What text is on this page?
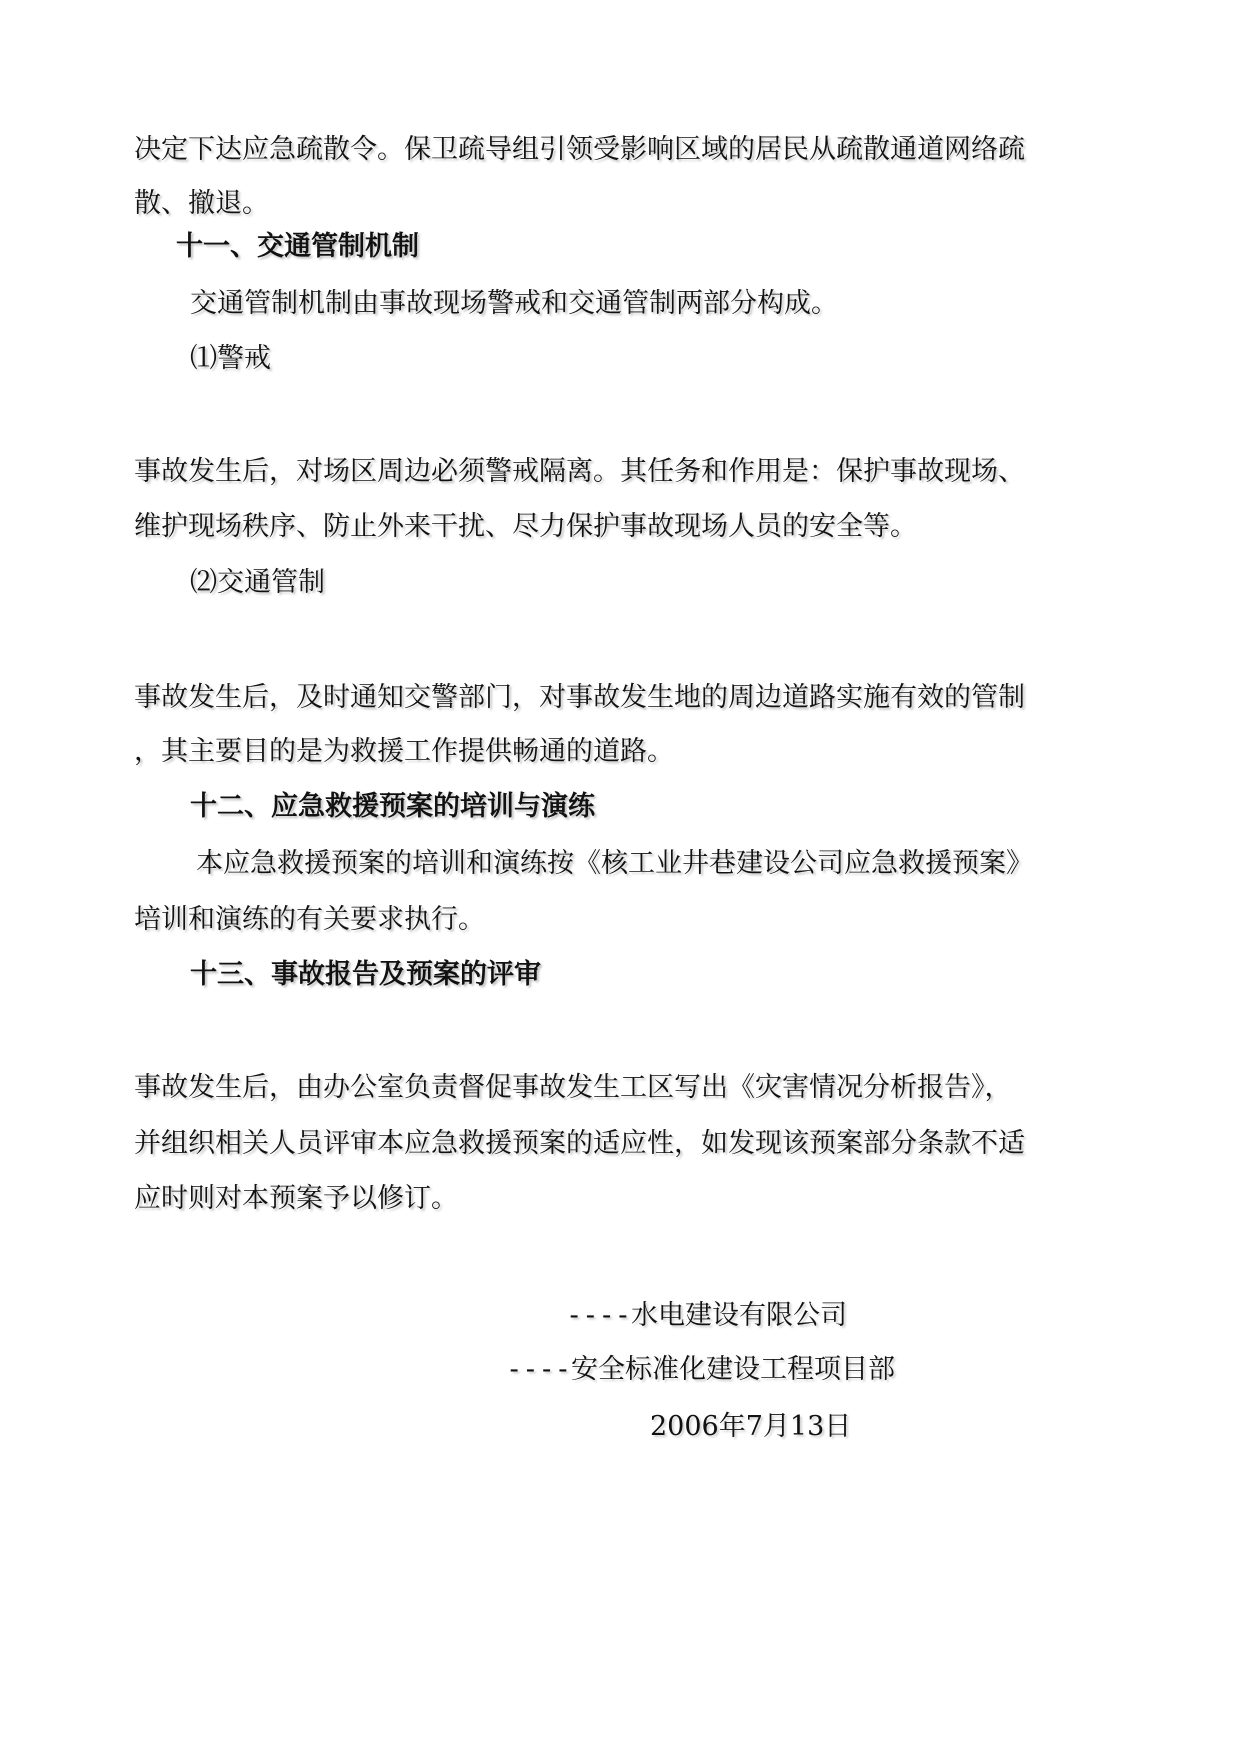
决定下达应急疏散令。保卫疏导组引领受影响区域的居民从疏散通道网络疏
散、撤退。
十一、交通管制机制
交通管制机制由事故现场警戒和交通管制两部分构成。
⑴警戒
事故发生后，对场区周边必须警戒隔离。其任务和作用是：保护事故现场、
维护现场秩序、防止外来干扰、尽力保护事故现场人员的安全等。
⑵交通管制
事故发生后，及时通知交警部门，对事故发生地的周边道路实施有效的管制
，其主要目的是为救援工作提供畅通的道路。
十二、应急救援预案的培训与演练
本应急救援预案的培训和演练按《核工业井巷建设公司应急救援预案》
培训和演练的有关要求执行。
十三、事故报告及预案的评审
事故发生后，由办公室负责督促事故发生工区写出《灾害情况分析报告》，
并组织相关人员评审本应急救援预案的适应性，如发现该预案部分条款不适
应时则对本预案予以修订。
----水电建设有限公司
----安全标准化建设工程项目部
2006年7月13日
